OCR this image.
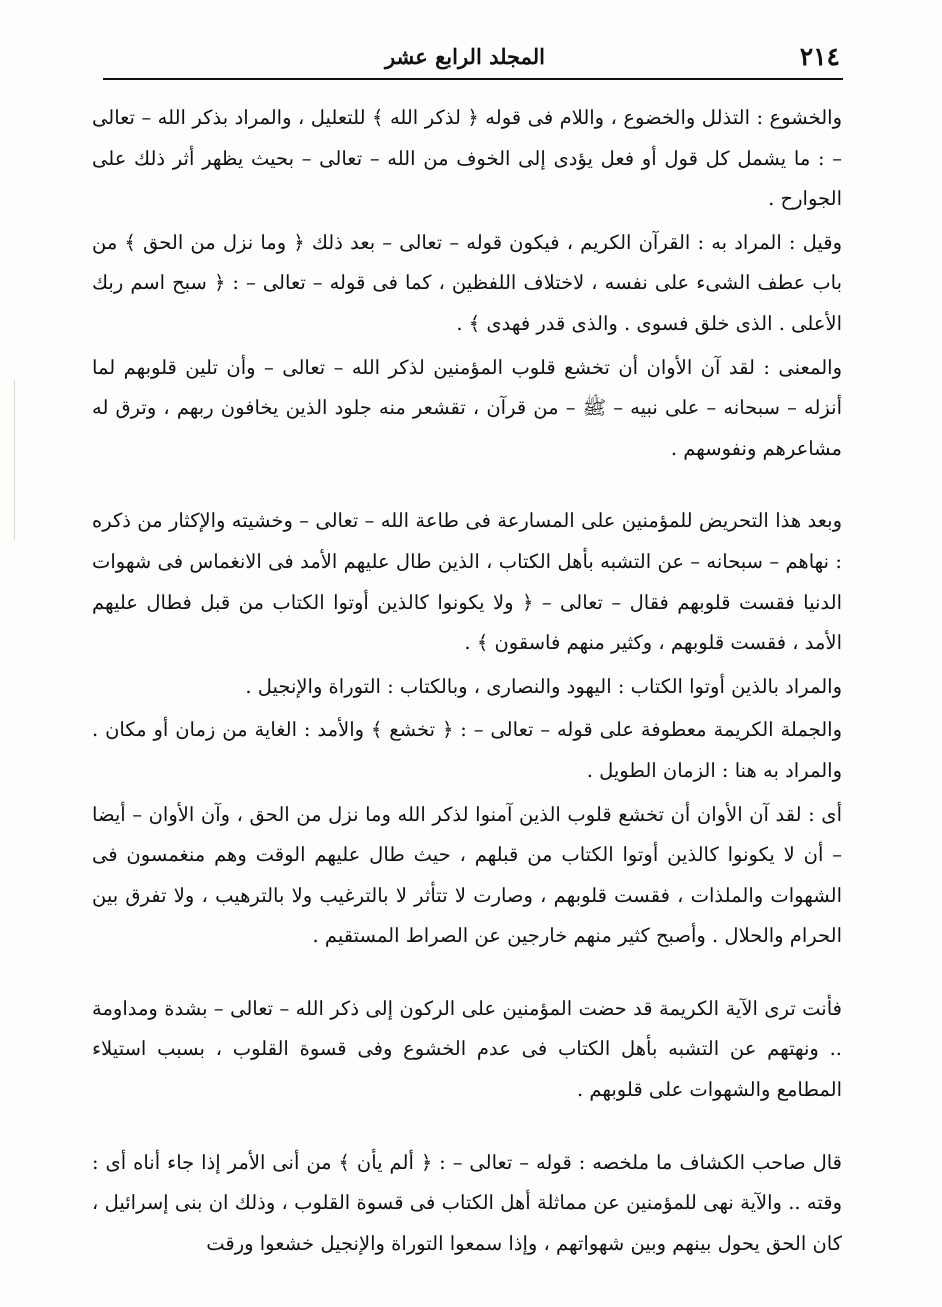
٢١٤
المجلد الرابع عشر

والخشوع : التذلل والخضوع ، واللام فى قوله ﴿ لذكر الله ﴾ للتعليل ، والمراد بذكر الله – تعالى – : ما يشمل كل قول أو فعل يؤدى إلى الخوف من الله – تعالى – بحيث يظهر أثر ذلك على الجوارح .

وقيل : المراد به : القرآن الكريم ، فيكون قوله – تعالى – بعد ذلك ﴿ وما نزل من الحق ﴾ من باب عطف الشىء على نفسه ، لاختلاف اللفظين ، كما فى قوله – تعالى – : ﴿ سبح اسم ربك الأعلى . الذى خلق فسوى . والذى قدر فهدى ﴾ .

والمعنى : لقد آن الأوان أن تخشع قلوب المؤمنين لذكر الله – تعالى – وأن تلين قلوبهم لما أنزله – سبحانه – على نبيه – ﷺ – من قرآن ، تقشعر منه جلود الذين يخافون ربهم ، وترق له مشاعرهم ونفوسهم .

وبعد هذا التحريض للمؤمنين على المسارعة فى طاعة الله – تعالى – وخشيته والإكثار من ذكره : نهاهم – سبحانه – عن التشبه بأهل الكتاب ، الذين طال عليهم الأمد فى الانغماس فى شهوات الدنيا فقست قلوبهم فقال – تعالى – ﴿ ولا يكونوا كالذين أوتوا الكتاب من قبل فطال عليهم الأمد ، فقست قلوبهم ، وكثير منهم فاسقون ﴾ .

والمراد بالذين أوتوا الكتاب : اليهود والنصارى ، وبالكتاب : التوراة والإنجيل .

والجملة الكريمة معطوفة على قوله – تعالى – : ﴿ تخشع ﴾ والأمد : الغاية من زمان أو مكان . والمراد به هنا : الزمان الطويل .

أى : لقد آن الأوان أن تخشع قلوب الذين آمنوا لذكر الله وما نزل من الحق ، وآن الأوان – أيضا – أن لا يكونوا كالذين أوتوا الكتاب من قبلهم ، حيث طال عليهم الوقت وهم منغمسون فى الشهوات والملذات ، فقست قلوبهم ، وصارت لا تتأثر لا بالترغيب ولا بالترهيب ، ولا تفرق بين الحرام والحلال . وأصبح كثير منهم خارجين عن الصراط المستقيم .

فأنت ترى الآية الكريمة قد حضت المؤمنين على الركون إلى ذكر الله – تعالى – بشدة ومداومة .. ونهتهم عن التشبه بأهل الكتاب فى عدم الخشوع وفى قسوة القلوب ، بسبب استيلاء المطامع والشهوات على قلوبهم .

قال صاحب الكشاف ما ملخصه : قوله – تعالى – : ﴿ ألم يأن ﴾ من أنى الأمر إذا جاء أناه أى : وقته .. والآية نهى للمؤمنين عن مماثلة أهل الكتاب فى قسوة القلوب ، وذلك ان بنى إسرائيل ، كان الحق يحول بينهم وبين شهواتهم ، وإذا سمعوا التوراة والإنجيل خشعوا ورقت
